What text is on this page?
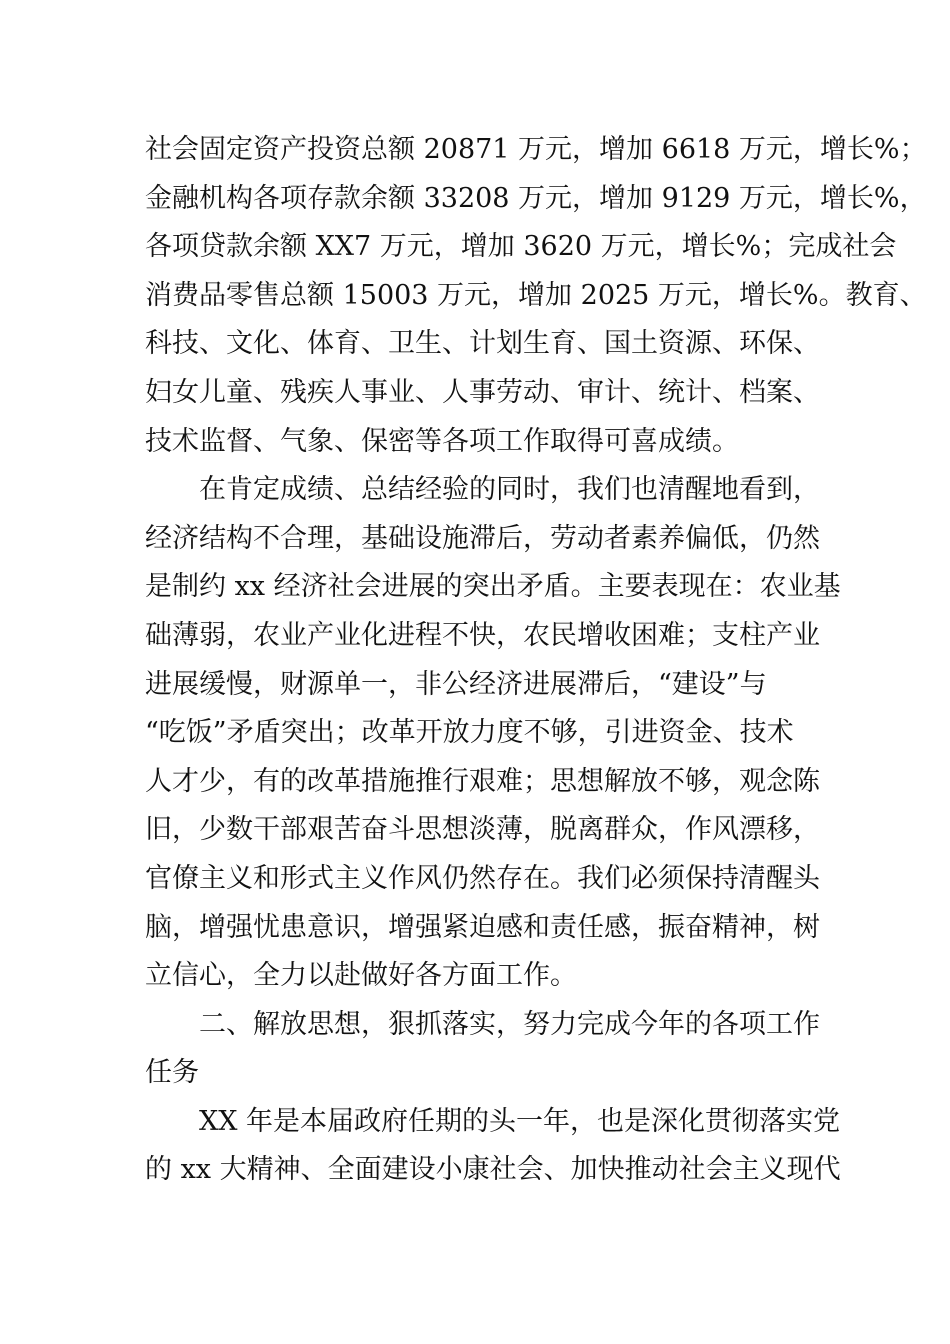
社会固定资产投资总额 20871 万元，增加 6618 万元，增长%；
金融机构各项存款余额 33208 万元，增加 9129 万元，增长%，
各项贷款余额 XX7 万元，增加 3620 万元，增长%；完成社会
消费品零售总额 15003 万元，增加 2025 万元，增长%。教育、
科技、文化、体育、卫生、计划生育、国土资源、环保、
妇女儿童、残疾人事业、人事劳动、审计、统计、档案、
技术监督、气象、保密等各项工作取得可喜成绩。
在肯定成绩、总结经验的同时，我们也清醒地看到，
经济结构不合理，基础设施滞后，劳动者素养偏低，仍然
是制约 xx 经济社会进展的突出矛盾。主要表现在：农业基
础薄弱，农业产业化进程不快，农民增收困难；支柱产业
进展缓慢，财源单一，非公经济进展滞后，“建设”与
“吃饭”矛盾突出；改革开放力度不够，引进资金、技术
人才少，有的改革措施推行艰难；思想解放不够，观念陈
旧，少数干部艰苦奋斗思想淡薄，脱离群众，作风漂移，
官僚主义和形式主义作风仍然存在。我们必须保持清醒头
脑，增强忧患意识，增强紧迫感和责任感，振奋精神，树
立信心，全力以赴做好各方面工作。
二、解放思想，狠抓落实，努力完成今年的各项工作
任务
XX 年是本届政府任期的头一年，也是深化贯彻落实党
的 xx 大精神、全面建设小康社会、加快推动社会主义现代
